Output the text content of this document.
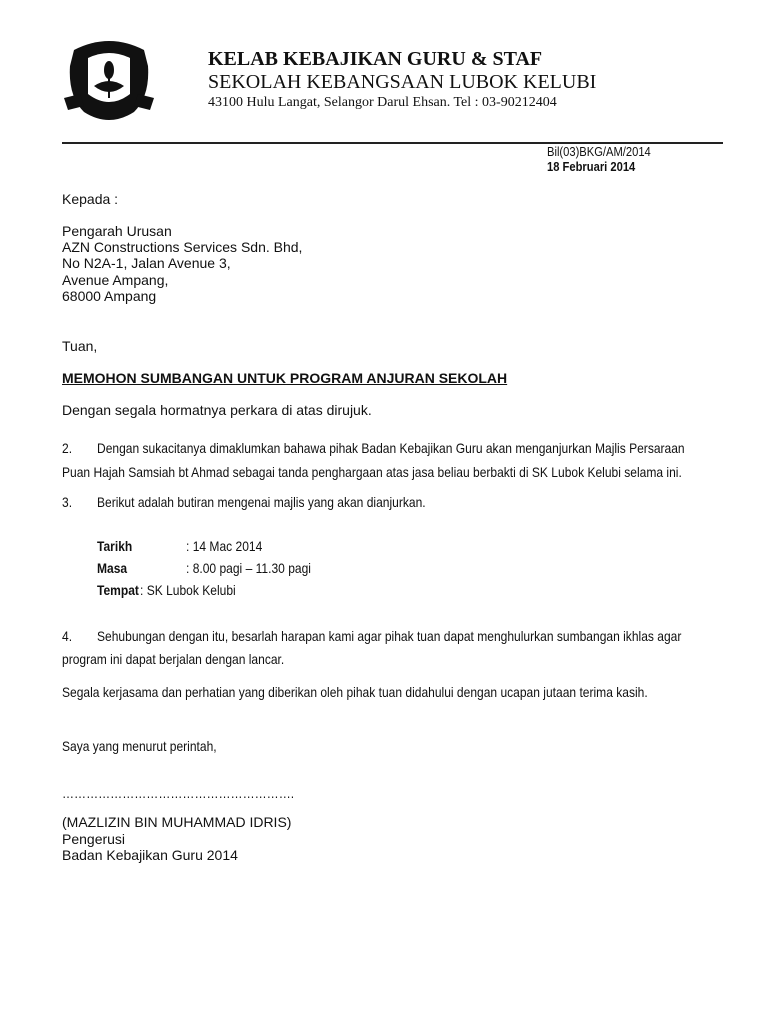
KELAB KEBAJIKAN GURU & STAF
SEKOLAH KEBANGSAAN LUBOK KELUBI
43100 Hulu Langat, Selangor Darul Ehsan. Tel : 03-90212404
Bil(03)BKG/AM/2014
18 Februari 2014
Kepada :
Pengarah Urusan
AZN Constructions Services Sdn. Bhd,
No N2A-1, Jalan Avenue 3,
Avenue Ampang,
68000 Ampang
Tuan,
MEMOHON SUMBANGAN UNTUK PROGRAM ANJURAN SEKOLAH
Dengan segala hormatnya perkara di atas dirujuk.
2. Dengan sukacitanya dimaklumkan bahawa pihak Badan Kebajikan Guru akan menganjurkan Majlis Persaraan
Puan Hajah Samsiah bt Ahmad sebagai tanda penghargaan atas jasa beliau berbakti di SK Lubok Kelubi selama ini.
3. Berikut adalah butiran mengenai majlis yang akan dianjurkan.
Tarikh	: 14 Mac 2014
Masa	: 8.00 pagi – 11.30 pagi
Tempat : SK Lubok Kelubi
4. Sehubungan dengan itu, besarlah harapan kami agar pihak tuan dapat menghulurkan sumbangan ikhlas agar
program ini dapat berjalan dengan lancar.
Segala kerjasama dan perhatian yang diberikan oleh pihak tuan didahului dengan ucapan jutaan terima kasih.
Saya yang menurut perintah,
………………………………………………….
(MAZLIZIN BIN MUHAMMAD IDRIS)
Pengerusi
Badan Kebajikan Guru 2014
